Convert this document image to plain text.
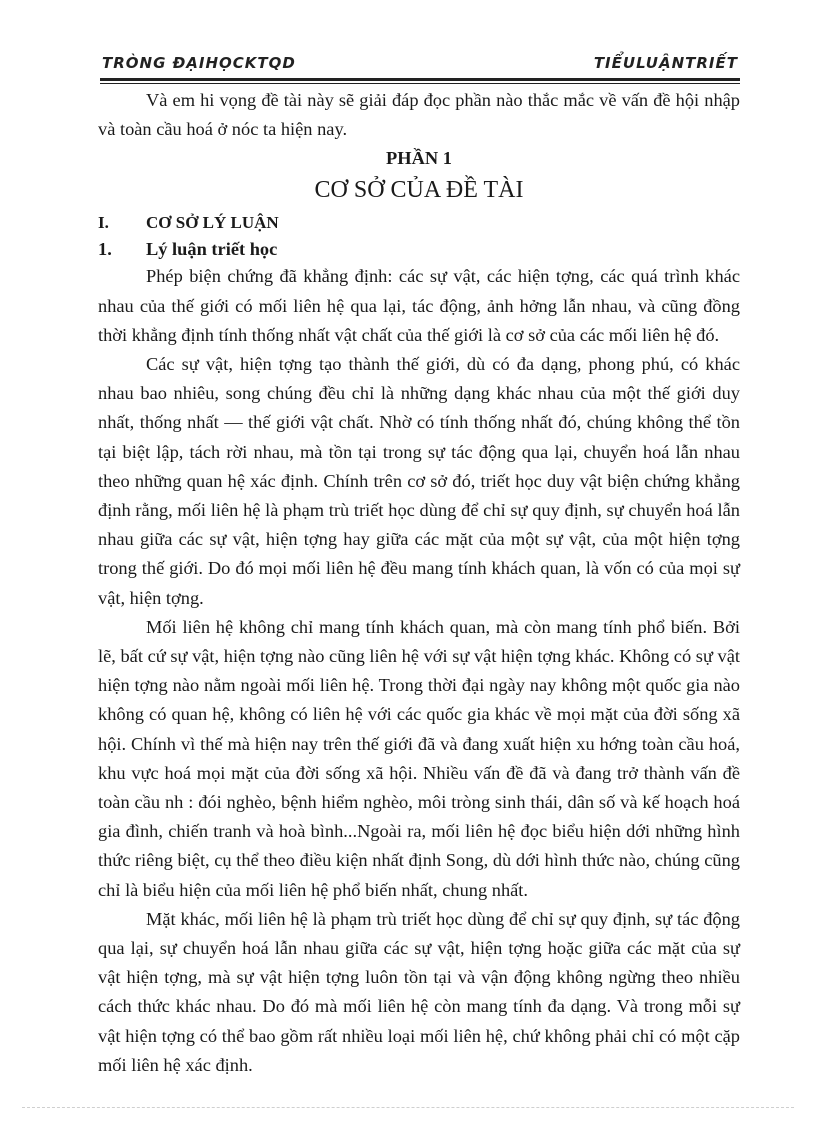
TRÒNG ĐẠIHỌCKTQD	TIỂULUẬNTRIẾT

Và em hi vọng đề tài này sẽ giải đáp đọc phần nào thắc mắc về vấn đề hội nhập và toàn cầu hoá ở nóc ta hiện nay.

PHẦN 1
CƠ SỞ CỦA ĐỀ TÀI
I. CƠ SỞ LÝ LUẬN
1. Lý luận triết học

Phép biện chứng đã khẳng định: các sự vật, các hiện tợng, các quá trình khác nhau của thế giới có mối liên hệ qua lại, tác động, ảnh hởng lẫn nhau, và cũng đồng thời khẳng định tính thống nhất vật chất của thế giới là cơ sở của các mối liên hệ đó.

Các sự vật, hiện tợng tạo thành thế giới, dù có đa dạng, phong phú, có khác nhau bao nhiêu, song chúng đều chỉ là những dạng khác nhau của một thế giới duy nhất, thống nhất — thế giới vật chất. Nhờ có tính thống nhất đó, chúng không thể tồn tại biệt lập, tách rời nhau, mà tồn tại trong sự tác động qua lại, chuyển hoá lẫn nhau theo những quan hệ xác định. Chính trên cơ sở đó, triết học duy vật biện chứng khẳng định rằng, mối liên hệ là phạm trù triết học dùng để chỉ sự quy định, sự chuyển hoá lẫn nhau giữa các sự vật, hiện tợng hay giữa các mặt của một sự vật, của một hiện tợng trong thế giới. Do đó mọi mối liên hệ đều mang tính khách quan, là vốn có của mọi sự vật, hiện tợng.

Mối liên hệ không chỉ mang tính khách quan, mà còn mang tính phổ biến. Bởi lẽ, bất cứ sự vật, hiện tợng nào cũng liên hệ với sự vật hiện tợng khác. Không có sự vật hiện tợng nào nằm ngoài mối liên hệ. Trong thời đại ngày nay không một quốc gia nào không có quan hệ, không có liên hệ với các quốc gia khác về mọi mặt của đời sống xã hội. Chính vì thế mà hiện nay trên thế giới đã và đang xuất hiện xu hớng toàn cầu hoá, khu vực hoá mọi mặt của đời sống xã hội. Nhiều vấn đề đã và đang trở thành vấn đề toàn cầu nh : đói nghèo, bệnh hiểm nghèo, môi tròng sinh thái, dân số và kế hoạch hoá gia đình, chiến tranh và hoà bình...Ngoài ra, mối liên hệ đọc biểu hiện dới những hình thức riêng biệt, cụ thể theo điều kiện nhất định Song, dù dới hình thức nào, chúng cũng chỉ là biểu hiện của mối liên hệ phổ biến nhất, chung nhất.

Mặt khác, mối liên hệ là phạm trù triết học dùng để chỉ sự quy định, sự tác động qua lại, sự chuyển hoá lẫn nhau giữa các sự vật, hiện tợng hoặc giữa các mặt của sự vật hiện tợng, mà sự vật hiện tợng luôn tồn tại và vận động không ngừng theo nhiều cách thức khác nhau. Do đó mà mối liên hệ còn mang tính đa dạng. Và trong mỗi sự vật hiện tợng có thể bao gồm rất nhiều loại mối liên hệ, chứ không phải chỉ có một cặp mối liên hệ xác định.
